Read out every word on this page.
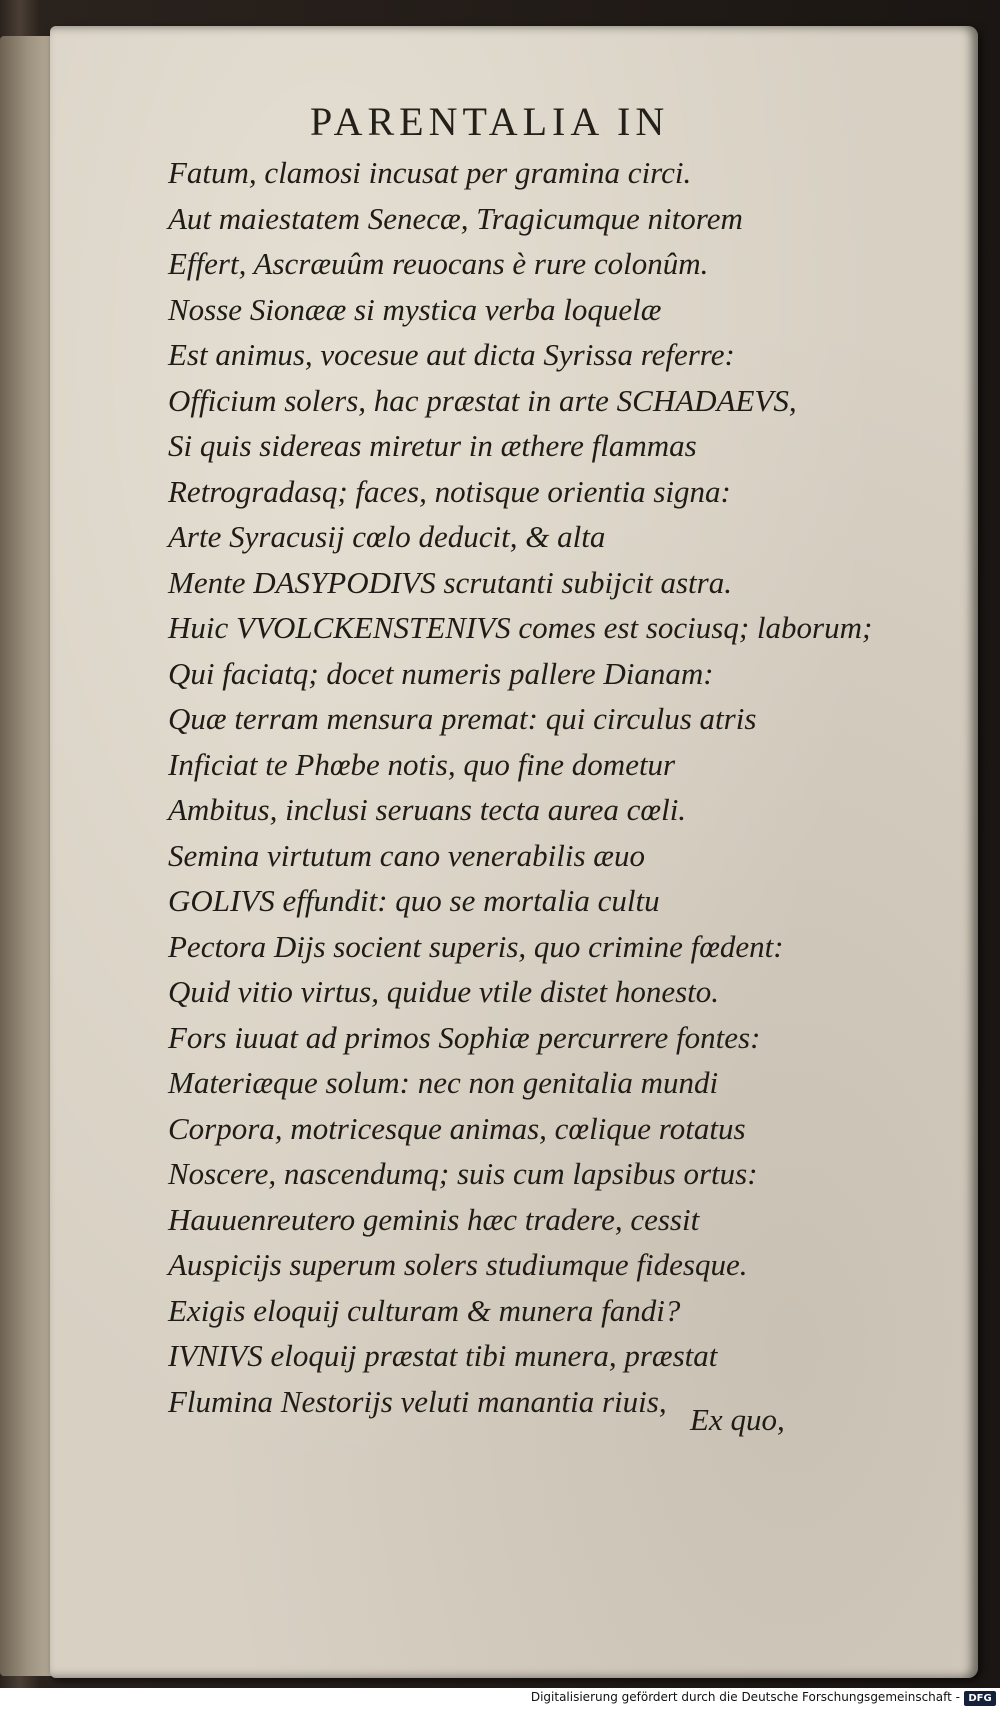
PARENTALIA IN
Fatum, clamosi incusat per gramina circi.
Aut maiestatem Senecæ, Tragicumque nitorem
Effert, Ascræuûm reuocans è rure colonûm.
Nosse Sionææ si mystica verba loquelæ
Est animus, vocesue aut dicta Syrissa referre:
Officium solers, hac præstat in arte SCHADAEVS,
Si quis sidereas miretur in æthere flammas
Retrogradasq; faces, notisque orientia signa:
Arte Syracusij cœlo deducit, & alta
Mente DASYPODIVS scrutanti subijcit astra.
Huic VVOLCKENSTENIVS comes est sociusq; laborum;
Qui faciatq; docet numeris pallere Dianam:
Quæ terram mensura premat: qui circulus atris
Inficiat te Phœbe notis, quo fine dometur
Ambitus, inclusi seruans tecta aurea cœli.
Semina virtutum cano venerabilis æuo
GOLIVS effundit: quo se mortalia cultu
Pectora Dijs socient superis, quo crimine fœdent:
Quid vitio virtus, quidue vtile distet honesto.
Fors iuuat ad primos Sophiæ percurrere fontes:
Materiæque solum: nec non genitalia mundi
Corpora, motricesque animas, cœlique rotatus
Noscere, nascendumq; suis cum lapsibus ortus:
Hauuenreutero geminis hæc tradere, cessit
Auspicijs superum solers studiumque fidesque.
Exigis eloquij culturam & munera fandi?
IVNIVS eloquij præstat tibi munera, præstat
Flumina Nestorijs veluti manantia riuis,
Ex quo,
Digitalisierung gefördert durch die Deutsche Forschungsgemeinschaft - DFG
